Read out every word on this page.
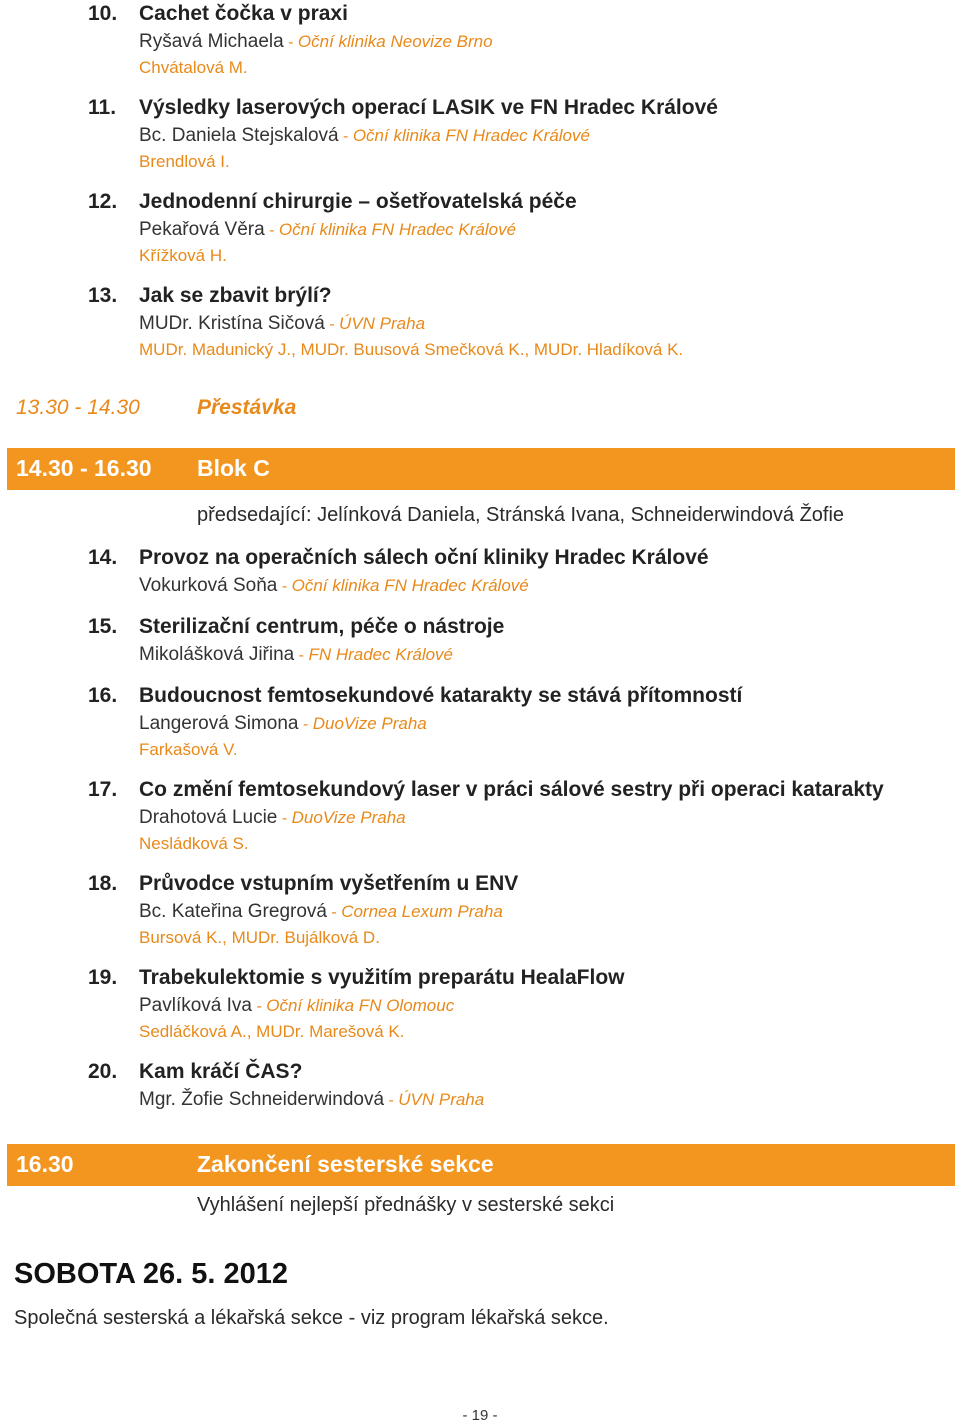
10. Cachet čočka v praxi
Ryšavá Michaela - Oční klinika Neovize Brno
Chvátalová M.
11. Výsledky laserových operací LASIK ve FN Hradec Králové
Bc. Daniela Stejskalová - Oční klinika FN Hradec Králové
Brendlová I.
12. Jednodenní chirurgie – ošetřovatelská péče
Pekařová Věra - Oční klinika FN Hradec Králové
Křížková H.
13. Jak se zbavit brýlí?
MUDr. Kristína Sičová - ÚVN Praha
MUDr. Madunický J., MUDr. Buusová Smečková K., MUDr. Hladíková K.
13.30 - 14.30	Přestávka
14.30 - 16.30 Blok C
předsedající: Jelínková Daniela, Stránská Ivana, Schneiderwindová Žofie
14. Provoz na operačních sálech oční kliniky Hradec Králové
Vokurková Soňa - Oční klinika FN Hradec Králové
15. Sterilizační centrum, péče o nástroje
Mikolášková Jiřina - FN Hradec Králové
16. Budoucnost femtosekundové katarakty se stává přítomností
Langerová Simona - DuoVize Praha
Farkašová V.
17. Co změní femtosekundový laser v práci sálové sestry při operaci katarakty
Drahotová Lucie - DuoVize Praha
Nesládková S.
18. Průvodce vstupním vyšetřením u ENV
Bc. Kateřina Gregrová - Cornea Lexum Praha
Bursová K., MUDr. Bujálková D.
19. Trabekulektomie s využitím preparátu HealaFlow
Pavlíková Iva - Oční klinika FN Olomouc
Sedláčková A., MUDr. Marešová K.
20. Kam kráčí ČAS?
Mgr. Žofie Schneiderwindová - ÚVN Praha
16.30	Zakončení sesterské sekce
Vyhlášení nejlepší přednášky v sesterské sekci
SOBOTA 26. 5. 2012
Společná sesterská a lékařská sekce - viz program lékařská sekce.
- 19 -
